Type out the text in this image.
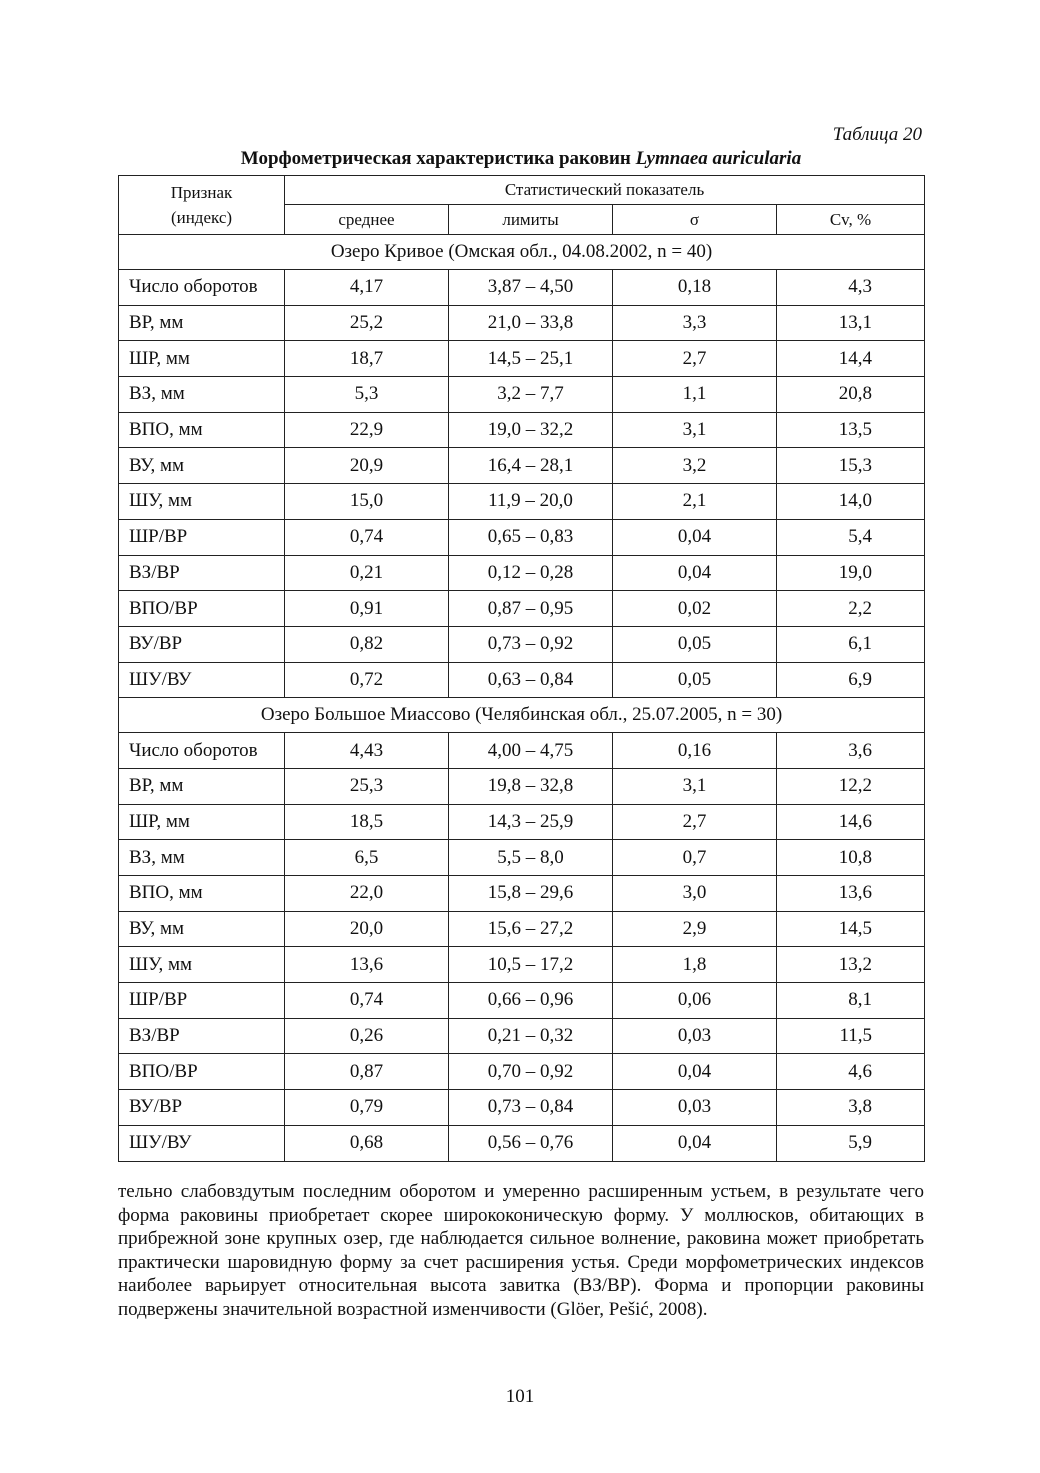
Таблица 20
Морфометрическая характеристика раковин Lymnaea auricularia
Признак
(индекс)	Статистический показатель			
	среднее	лимиты	σ	Cv, %
Озеро Кривое (Омская обл., 04.08.2002, n = 40)				
Число оборотов	4,17	3,87 – 4,50	0,18	4,3
ВР, мм	25,2	21,0 – 33,8	3,3	13,1
ШР, мм	18,7	14,5 – 25,1	2,7	14,4
ВЗ, мм	5,3	3,2 – 7,7	1,1	20,8
ВПО, мм	22,9	19,0 – 32,2	3,1	13,5
ВУ, мм	20,9	16,4 – 28,1	3,2	15,3
ШУ, мм	15,0	11,9 – 20,0	2,1	14,0
ШР/ВР	0,74	0,65 – 0,83	0,04	5,4
ВЗ/ВР	0,21	0,12 – 0,28	0,04	19,0
ВПО/ВР	0,91	0,87 – 0,95	0,02	2,2
ВУ/ВР	0,82	0,73 – 0,92	0,05	6,1
ШУ/ВУ	0,72	0,63 – 0,84	0,05	6,9
Озеро Большое Миассово (Челябинская обл., 25.07.2005, n = 30)				
Число оборотов	4,43	4,00 – 4,75	0,16	3,6
ВР, мм	25,3	19,8 – 32,8	3,1	12,2
ШР, мм	18,5	14,3 – 25,9	2,7	14,6
ВЗ, мм	6,5	5,5 – 8,0	0,7	10,8
ВПО, мм	22,0	15,8 – 29,6	3,0	13,6
ВУ, мм	20,0	15,6 – 27,2	2,9	14,5
ШУ, мм	13,6	10,5 – 17,2	1,8	13,2
ШР/ВР	0,74	0,66 – 0,96	0,06	8,1
ВЗ/ВР	0,26	0,21 – 0,32	0,03	11,5
ВПО/ВР	0,87	0,70 – 0,92	0,04	4,6
ВУ/ВР	0,79	0,73 – 0,84	0,03	3,8
ШУ/ВУ	0,68	0,56 – 0,76	0,04	5,9
тельно слабовздутым последним оборотом и умеренно расширенным устьем, в результате чего форма раковины приобретает скорее ширококоническую форму. У моллюсков, обитающих в прибрежной зоне крупных озер, где наблюдается сильное волнение, раковина может приобретать практически шаровидную форму за счет расширения устья. Среди морфометрических индексов наиболее варьирует относительная высота завитка (ВЗ/ВР). Форма и пропорции раковины подвержены значительной возрастной изменчивости (Glöer, Pešić, 2008).
101
